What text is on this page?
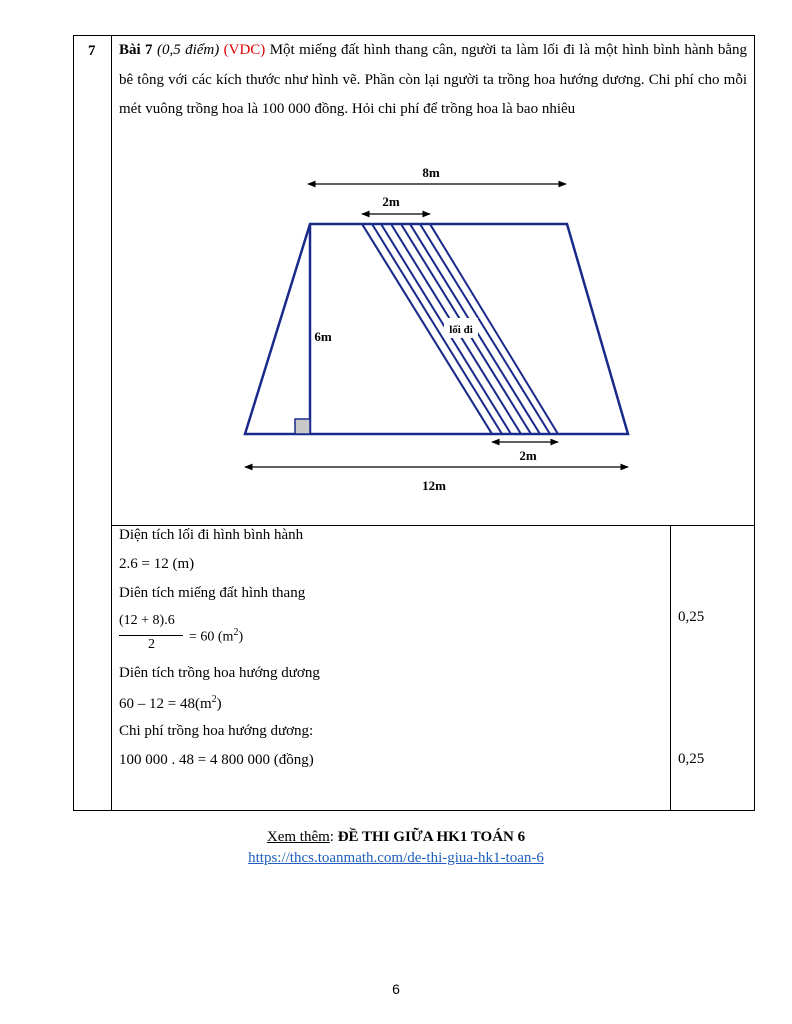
7 Bài 7 (0,5 điểm) (VDC) Một miếng đất hình thang cân, người ta làm lối đi là một hình bình hành bằng bê tông với các kích thước như hình vẽ. Phần còn lại người ta trồng hoa hướng dương. Chi phí cho mỗi mét vuông trồng hoa là 100 000 đồng. Hỏi chi phí để trồng hoa là bao nhiêu
lối đi
8m
2m
6m
2m
12m
Diện tích lối đi hình bình hành
2.6 = 12 (m)
Diên tích miếng đất hình thang
(12 + 8).6
2 = 60 $(m^2)$
Diên tích trồng hoa hướng dương
$60 - 12 = 48(m^2)$
Chi phí trồng hoa hướng dương:
100 000 . 48 = 4 800 000 (đồng)
0,25
0,25
Xem thêm: ĐỀ THI GIỮA HK1 TOÁN 6
https://thcs.toanmath.com/de-thi-giua-hk1-toan-6
6
